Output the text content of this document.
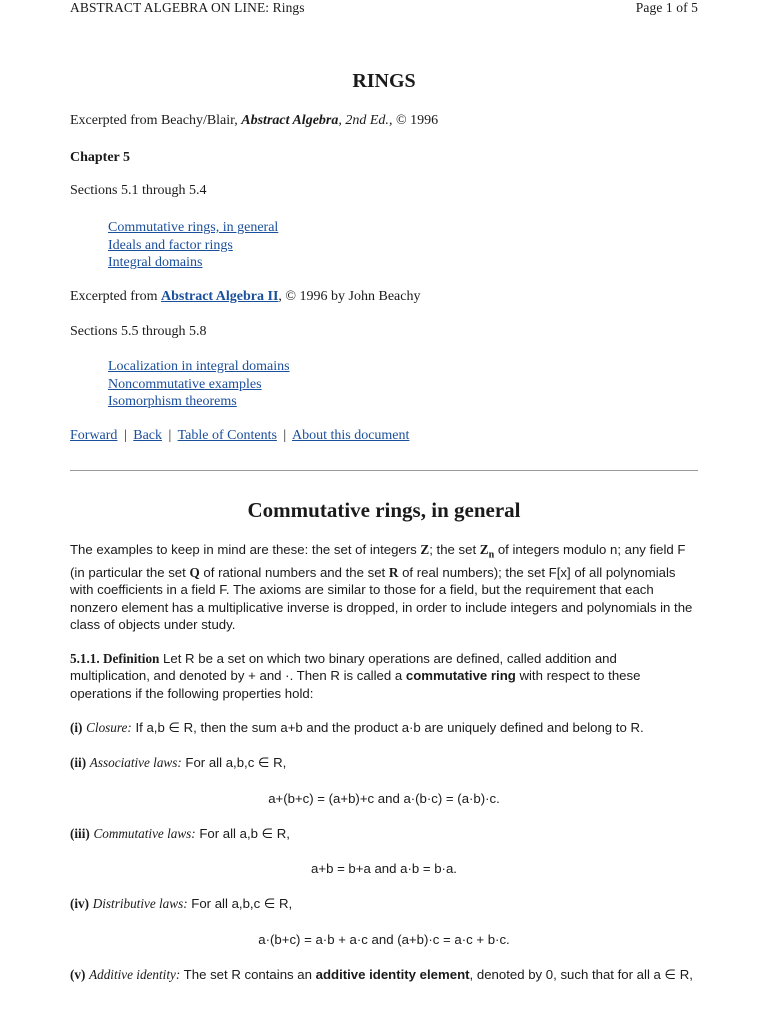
ABSTRACT ALGEBRA ON LINE: Rings	Page 1 of 5
RINGS
Excerpted from Beachy/Blair, Abstract Algebra, 2nd Ed., © 1996
Chapter 5
Sections 5.1 through 5.4
Commutative rings, in general
Ideals and factor rings
Integral domains
Excerpted from Abstract Algebra II, © 1996 by John Beachy
Sections 5.5 through 5.8
Localization in integral domains
Noncommutative examples
Isomorphism theorems
Forward | Back | Table of Contents | About this document
Commutative rings, in general
The examples to keep in mind are these: the set of integers Z; the set $Z_n$ of integers modulo n; any field F (in particular the set Q of rational numbers and the set R of real numbers); the set F[x] of all polynomials with coefficients in a field F. The axioms are similar to those for a field, but the requirement that each nonzero element has a multiplicative inverse is dropped, in order to include integers and polynomials in the class of objects under study.
5.1.1. Definition Let R be a set on which two binary operations are defined, called addition and multiplication, and denoted by + and ·. Then R is called a commutative ring with respect to these operations if the following properties hold:
(i) Closure: If a,b ∈ R, then the sum a+b and the product a·b are uniquely defined and belong to R.
(ii) Associative laws: For all a,b,c ∈ R,
a+(b+c) = (a+b)+c and a·(b·c) = (a·b)·c.
(iii) Commutative laws: For all a,b ∈ R,
a+b = b+a and a·b = b·a.
(iv) Distributive laws: For all a,b,c ∈ R,
a·(b+c) = a·b + a·c and (a+b)·c = a·c + b·c.
(v) Additive identity: The set R contains an additive identity element, denoted by 0, such that for all a ∈ R,
